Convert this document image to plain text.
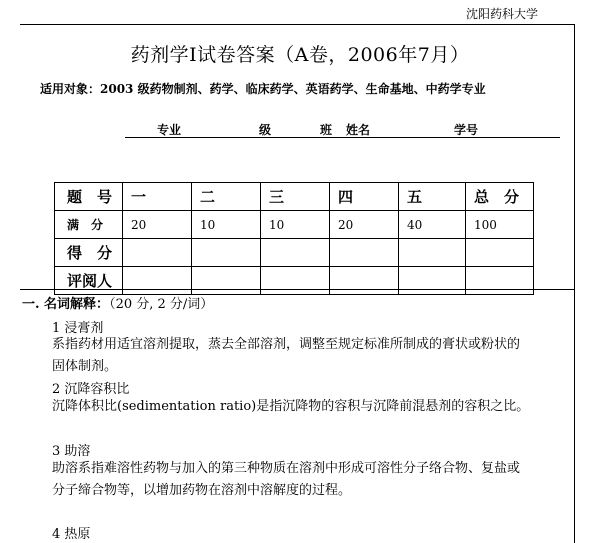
沈阳药科大学
药剂学Ⅰ试卷答案（A卷，2006年7月）
适用对象：2003 级药物制剂、药学、临床药学、英语药学、生命基地、中药学专业
专业	级	班 姓名	学号
题　号	一	二	三	四	五	总　分
满　分	20	10	10	20	40	100
得　分						
评阅人						
一. 名词解释：（20 分, 2 分/词）
1 浸膏剂
系指药材用适宜溶剂提取，蒸去全部溶剂，调整至规定标准所制成的膏状或粉状的
固体制剂。
2 沉降容积比
沉降体积比(sedimentation ratio)是指沉降物的容积与沉降前混悬剂的容积之比。
3 助溶
助溶系指难溶性药物与加入的第三种物质在溶剂中形成可溶性分子络合物、复盐或
分子缔合物等，以增加药物在溶剂中溶解度的过程。
4 热原
